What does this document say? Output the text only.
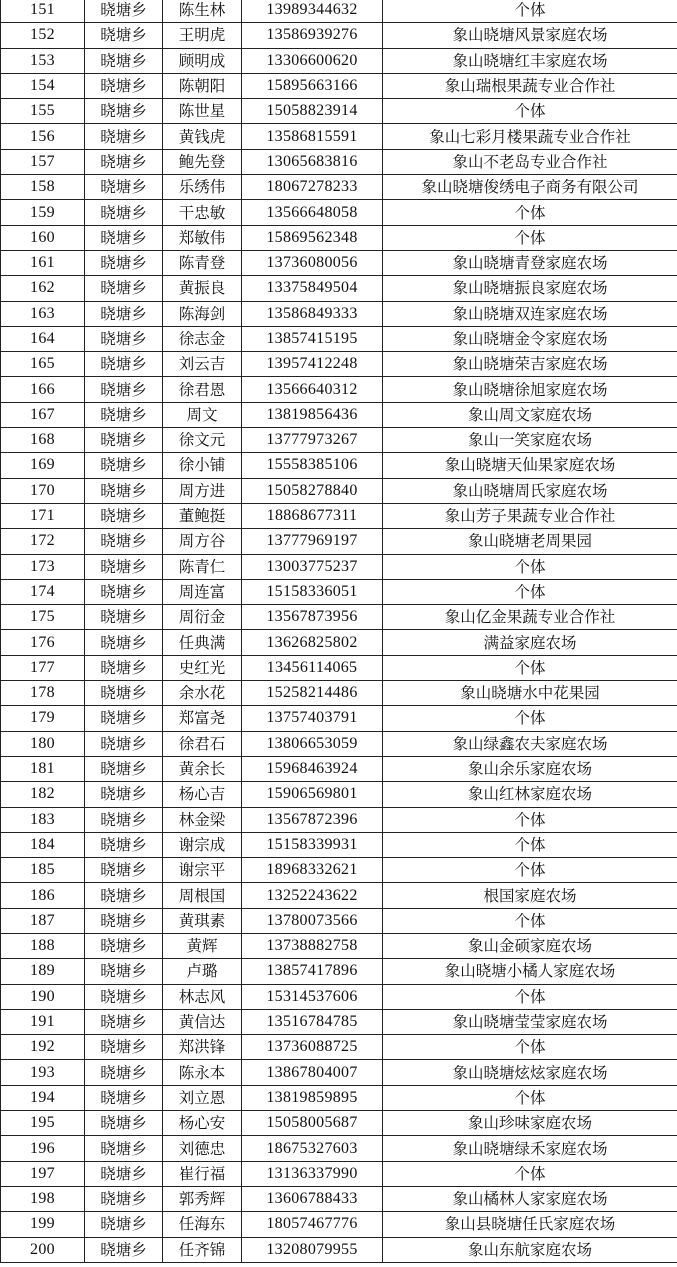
151	晓塘乡	陈生林	13989344632	个体
152	晓塘乡	王明虎	13586939276	象山晓塘风景家庭农场
153	晓塘乡	顾明成	13306600620	象山晓塘红丰家庭农场
154	晓塘乡	陈朝阳	15895663166	象山瑞根果蔬专业合作社
155	晓塘乡	陈世星	15058823914	个体
156	晓塘乡	黄钱虎	13586815591	象山七彩月楼果蔬专业合作社
157	晓塘乡	鲍先登	13065683816	象山不老岛专业合作社
158	晓塘乡	乐绣伟	18067278233	象山晓塘俊绣电子商务有限公司
159	晓塘乡	干忠敏	13566648058	个体
160	晓塘乡	郑敏伟	15869562348	个体
161	晓塘乡	陈青登	13736080056	象山晓塘青登家庭农场
162	晓塘乡	黄振良	13375849504	象山晓塘振良家庭农场
163	晓塘乡	陈海剑	13586849333	象山晓塘双连家庭农场
164	晓塘乡	徐志金	13857415195	象山晓塘金令家庭农场
165	晓塘乡	刘云吉	13957412248	象山晓塘荣吉家庭农场
166	晓塘乡	徐君恩	13566640312	象山晓塘徐旭家庭农场
167	晓塘乡	周文	13819856436	象山周文家庭农场
168	晓塘乡	徐文元	13777973267	象山一笑家庭农场
169	晓塘乡	徐小铺	15558385106	象山晓塘天仙果家庭农场
170	晓塘乡	周方进	15058278840	象山晓塘周氏家庭农场
171	晓塘乡	董鲍挺	18868677311	象山芳子果蔬专业合作社
172	晓塘乡	周方谷	13777969197	象山晓塘老周果园
173	晓塘乡	陈青仁	13003775237	个体
174	晓塘乡	周连富	15158336051	个体
175	晓塘乡	周衍金	13567873956	象山亿金果蔬专业合作社
176	晓塘乡	任典满	13626825802	满益家庭农场
177	晓塘乡	史红光	13456114065	个体
178	晓塘乡	余水花	15258214486	象山晓塘水中花果园
179	晓塘乡	郑富尧	13757403791	个体
180	晓塘乡	徐君石	13806653059	象山绿鑫农夫家庭农场
181	晓塘乡	黄余长	15968463924	象山余乐家庭农场
182	晓塘乡	杨心吉	15906569801	象山红林家庭农场
183	晓塘乡	林金梁	13567872396	个体
184	晓塘乡	谢宗成	15158339931	个体
185	晓塘乡	谢宗平	18968332621	个体
186	晓塘乡	周根国	13252243622	根国家庭农场
187	晓塘乡	黄琪素	13780073566	个体
188	晓塘乡	黄辉	13738882758	象山金硕家庭农场
189	晓塘乡	卢璐	13857417896	象山晓塘小橘人家庭农场
190	晓塘乡	林志风	15314537606	个体
191	晓塘乡	黄信达	13516784785	象山晓塘莹莹家庭农场
192	晓塘乡	郑洪锋	13736088725	个体
193	晓塘乡	陈永本	13867804007	象山晓塘炫炫家庭农场
194	晓塘乡	刘立恩	13819859895	个体
195	晓塘乡	杨心安	15058005687	象山珍味家庭农场
196	晓塘乡	刘德忠	18675327603	象山晓塘绿禾家庭农场
197	晓塘乡	崔行福	13136337990	个体
198	晓塘乡	郭秀辉	13606788433	象山橘林人家家庭农场
199	晓塘乡	任海东	18057467776	象山县晓塘任氏家庭农场
200	晓塘乡	任齐锦	13208079955	象山东航家庭农场
